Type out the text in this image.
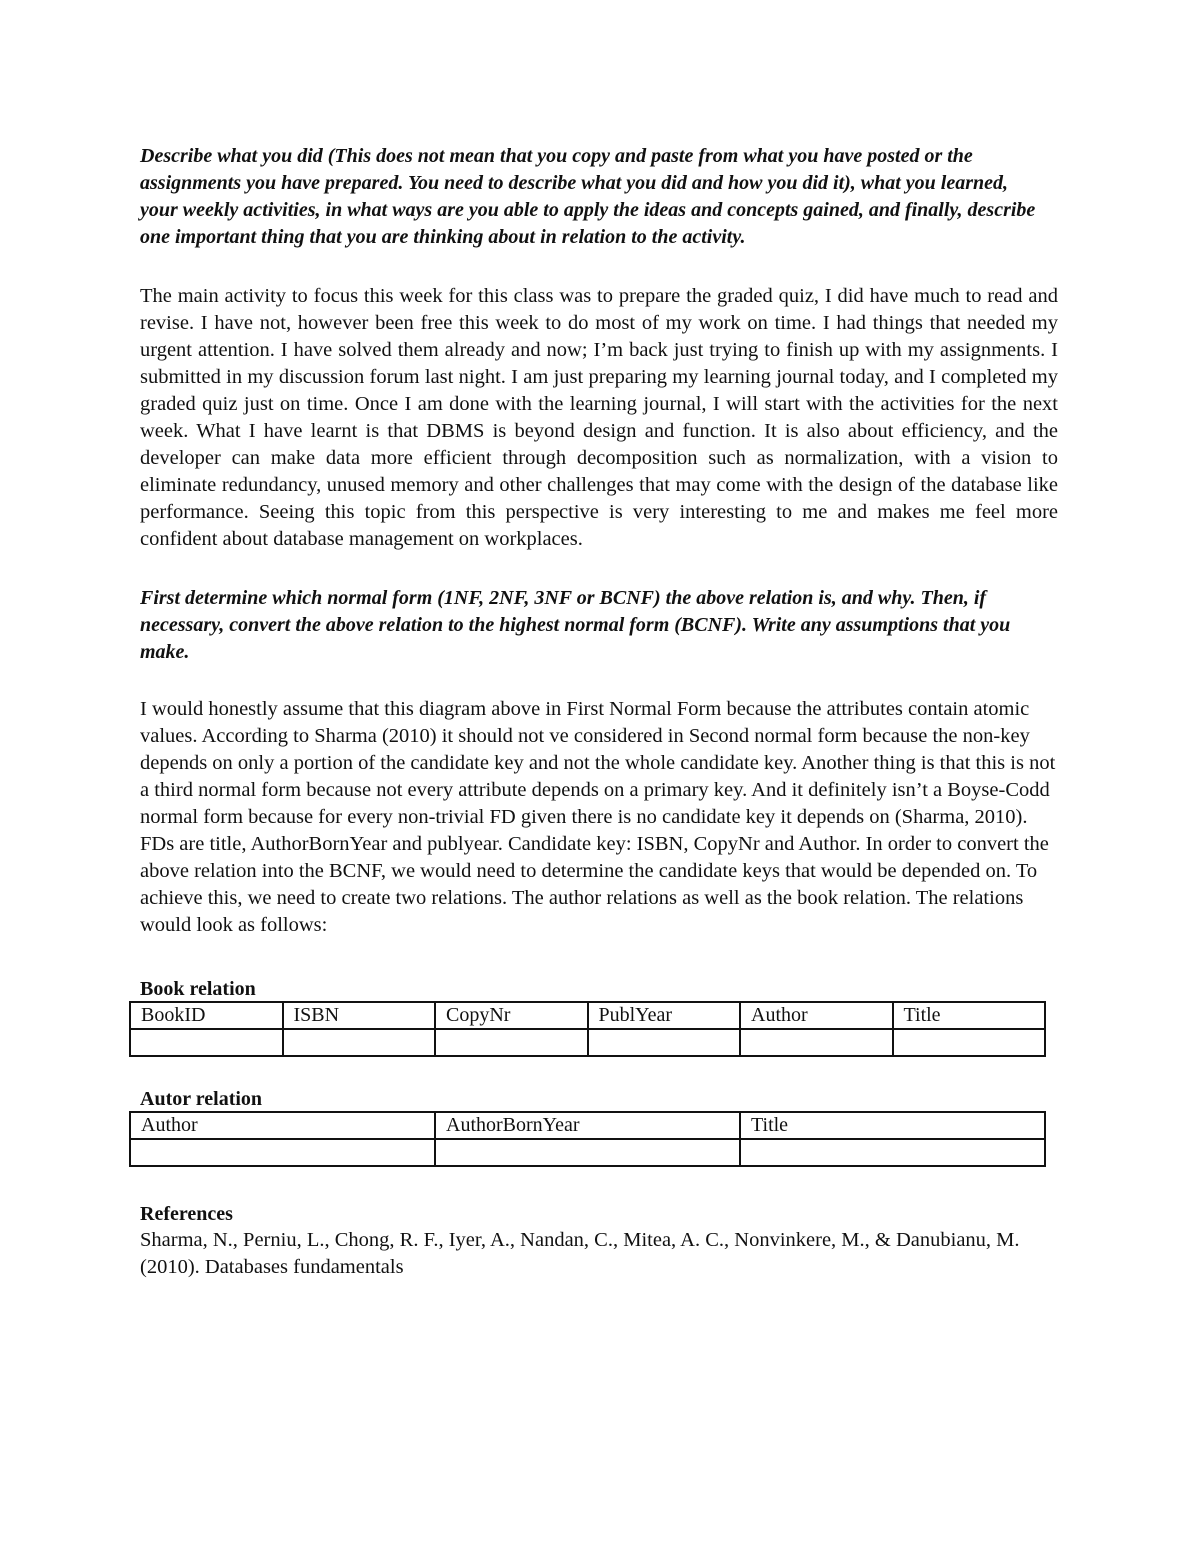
Describe what you did (This does not mean that you copy and paste from what you have posted or the assignments you have prepared. You need to describe what you did and how you did it), what you learned, your weekly activities, in what ways are you able to apply the ideas and concepts gained, and finally, describe one important thing that you are thinking about in relation to the activity.

The main activity to focus this week for this class was to prepare the graded quiz, I did have much to read and revise. I have not, however been free this week to do most of my work on time. I had things that needed my urgent attention. I have solved them already and now; I’m back just trying to finish up with my assignments. I submitted in my discussion forum last night. I am just preparing my learning journal today, and I completed my graded quiz just on time. Once I am done with the learning journal, I will start with the activities for the next week. What I have learnt is that DBMS is beyond design and function. It is also about efficiency, and the developer can make data more efficient through decomposition such as normalization, with a vision to eliminate redundancy, unused memory and other challenges that may come with the design of the database like performance. Seeing this topic from this perspective is very interesting to me and makes me feel more confident about database management on workplaces.

First determine which normal form (1NF, 2NF, 3NF or BCNF) the above relation is, and why. Then, if necessary, convert the above relation to the highest normal form (BCNF). Write any assumptions that you make.

I would honestly assume that this diagram above in First Normal Form because the attributes contain atomic values. According to Sharma (2010) it should not ve considered in Second normal form because the non-key depends on only a portion of the candidate key and not the whole candidate key. Another thing is that this is not a third normal form because not every attribute depends on a primary key. And it definitely isn’t a Boyse-Codd normal form because for every non-trivial FD given there is no candidate key it depends on (Sharma, 2010). FDs are title, AuthorBornYear and publyear. Candidate key: ISBN, CopyNr and Author. In order to convert the above relation into the BCNF, we would need to determine the candidate keys that would be depended on. To achieve this, we need to create two relations. The author relations as well as the book relation. The relations would look as follows:

Book relation

BookID	ISBN	CopyNr	PublYear	Author	Title

Autor relation

Author	AuthorBornYear	Title

References

Sharma, N., Perniu, L., Chong, R. F., Iyer, A., Nandan, C., Mitea, A. C., Nonvinkere, M., & Danubianu, M. (2010). Databases fundamentals
